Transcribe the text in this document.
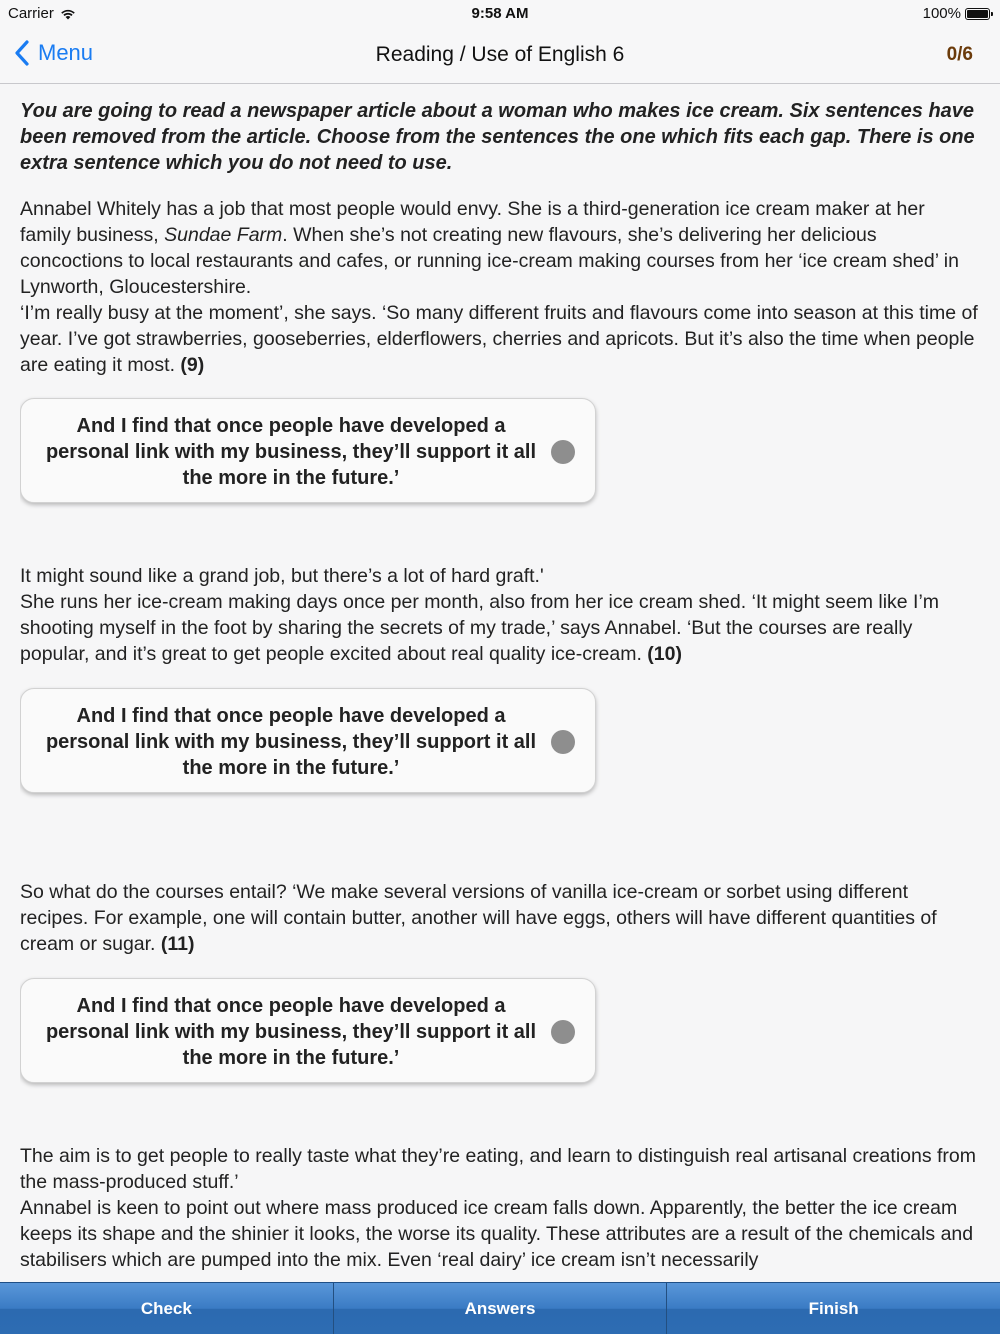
Carrier	9:58 AM	100%
Menu	Reading / Use of English 6	0/6
You are going to read a newspaper article about a woman who makes ice cream. Six sentences have been removed from the article. Choose from the sentences the one which fits each gap. There is one extra sentence which you do not need to use.
Annabel Whitely has a job that most people would envy. She is a third-generation ice cream maker at her family business, Sundae Farm. When she’s not creating new flavours, she’s delivering her delicious concoctions to local restaurants and cafes, or running ice-cream making courses from her ‘ice cream shed’ in Lynworth, Gloucestershire.
‘I’m really busy at the moment’, she says. ‘So many different fruits and flavours come into season at this time of year. I’ve got strawberries, gooseberries, elderflowers, cherries and apricots. But it’s also the time when people are eating it most. (9)
And I find that once people have developed a personal link with my business, they’ll support it all the more in the future.’
It might sound like a grand job, but there’s a lot of hard graft.'
She runs her ice-cream making days once per month, also from her ice cream shed. ‘It might seem like I’m shooting myself in the foot by sharing the secrets of my trade,’ says Annabel. ‘But the courses are really popular, and it’s great to get people excited about real quality ice-cream. (10)
And I find that once people have developed a personal link with my business, they’ll support it all the more in the future.’
So what do the courses entail? ‘We make several versions of vanilla ice-cream or sorbet using different recipes. For example, one will contain butter, another will have eggs, others will have different quantities of cream or sugar. (11)
And I find that once people have developed a personal link with my business, they’ll support it all the more in the future.’
The aim is to get people to really taste what they’re eating, and learn to distinguish real artisanal creations from the mass-produced stuff.’
Annabel is keen to point out where mass produced ice cream falls down. Apparently, the better the ice cream keeps its shape and the shinier it looks, the worse its quality. These attributes are a result of the chemicals and stabilisers which are pumped into the mix. Even ‘real dairy’ ice cream isn’t necessarily
Check	Answers	Finish
